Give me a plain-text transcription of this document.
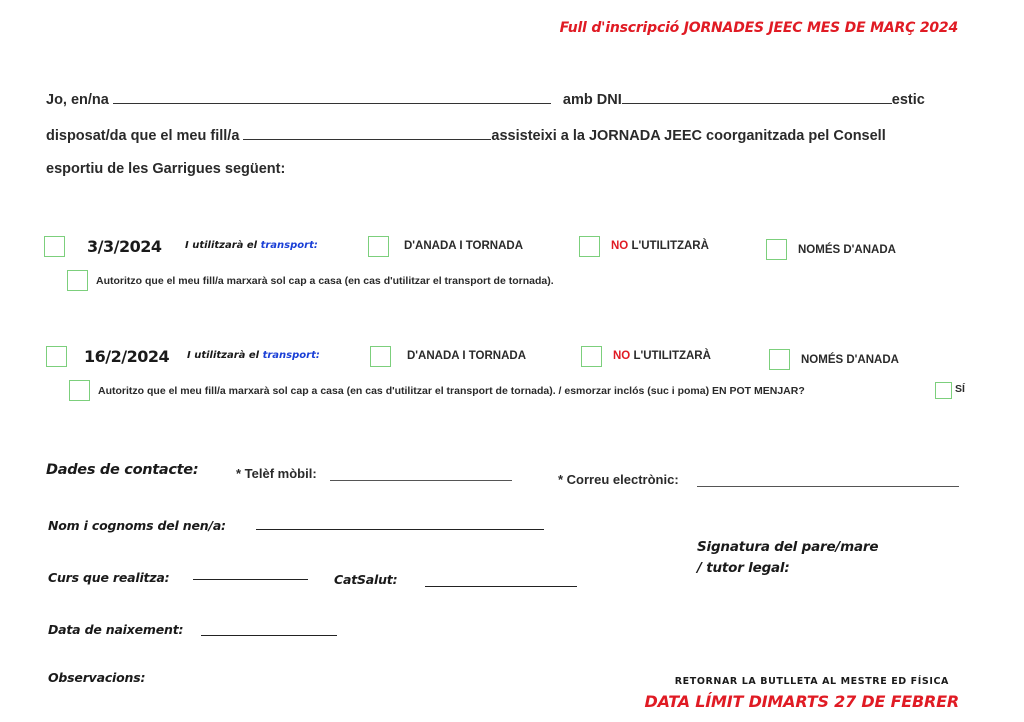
Full d'inscripció JORNADES JEEC MES DE MARÇ 2024
Jo, en/na	amb DNI	estic
disposat/da que el meu fill/a	assisteixi a la JORNADA JEEC coorganitzada pel Consell
esportiu de les Garrigues següent:
3/3/2024 I utilitzarà el transport:	D'ANADA I TORNADA	NO L'UTILITZARÀ	NOMÉS D'ANADA
Autoritzo que el meu fill/a marxarà sol cap a casa (en cas d'utilitzar el transport de tornada).
16/2/2024 I utilitzarà el transport:	D'ANADA I TORNADA	NO L'UTILITZARÀ	NOMÉS D'ANADA
Autoritzo que el meu fill/a marxarà sol cap a casa (en cas d'utilitzar el transport de tornada). / esmorzar inclós (suc i poma) EN POT MENJAR?	SÍ
Dades de contacte:	* Telèf mòbil:	* Correu electrònic:
Nom i cognoms del nen/a:
Curs que realitza:	CatSalut:
Data de naixement:
Observacions:
Signatura del pare/mare
/ tutor legal:
RETORNAR LA BUTLLETA AL MESTRE ED FÍSICA
DATA LÍMIT DIMARTS 27 DE FEBRER
